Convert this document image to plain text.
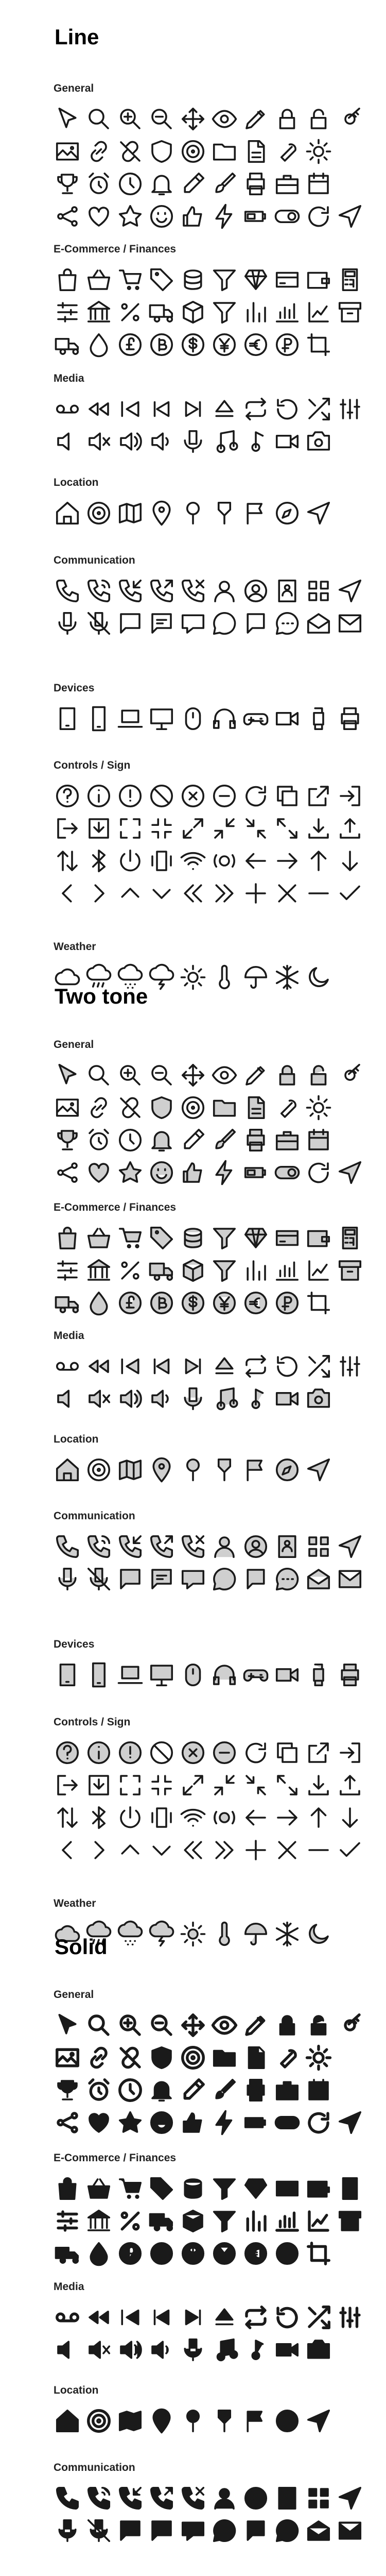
Line
General
E-Commerce / Finances
Media
Location
Communication
Devices
Controls / Sign
Weather
Two tone
General
E-Commerce / Finances
Media
Location
Communication
Devices
Controls / Sign
Weather
Solid
General
E-Commerce / Finances
Media
Location
Communication
